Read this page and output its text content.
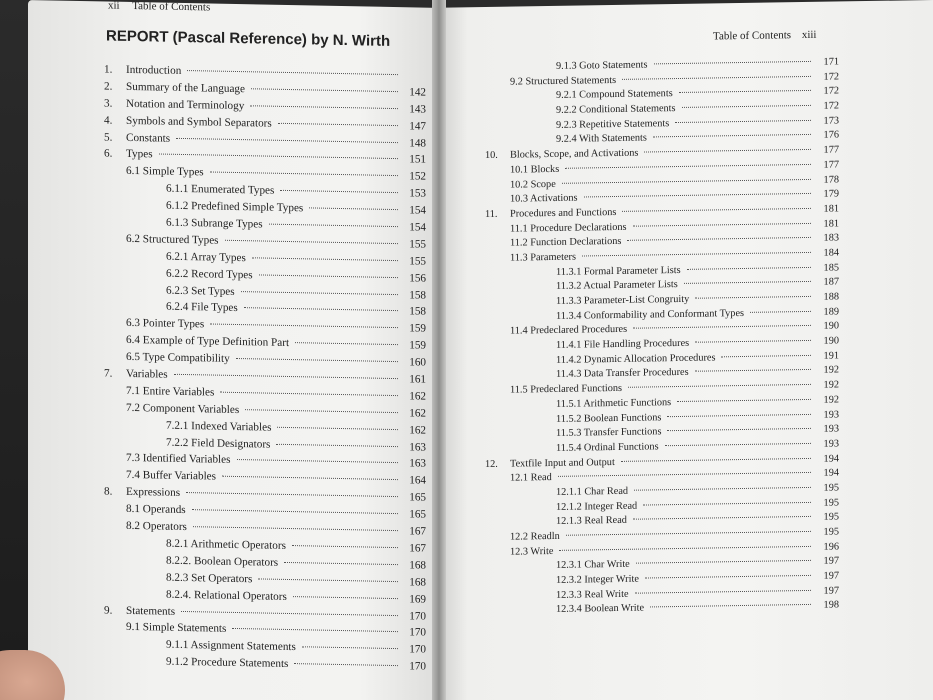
xii Table of Contents
REPORT (Pascal Reference) by N. Wirth
1.	Introduction
2.	Summary of the Language	142
3.	Notation and Terminology	143
4.	Symbols and Symbol Separators	147
5.	Constants	148
6.	Types	151
6.1 Simple Types	152
6.1.1 Enumerated Types	153
6.1.2 Predefined Simple Types	154
6.1.3 Subrange Types	154
6.2 Structured Types	155
6.2.1 Array Types	155
6.2.2 Record Types	156
6.2.3 Set Types	158
6.2.4 File Types	158
6.3 Pointer Types	159
6.4 Example of Type Definition Part	159
6.5 Type Compatibility	160
7.	Variables	161
7.1 Entire Variables	162
7.2 Component Variables	162
7.2.1 Indexed Variables	162
7.2.2 Field Designators	163
7.3 Identified Variables	163
7.4 Buffer Variables	164
8.	Expressions	165
8.1 Operands	165
8.2 Operators	167
8.2.1 Arithmetic Operators	167
8.2.2. Boolean Operators	168
8.2.3 Set Operators	168
8.2.4. Relational Operators	169
9.	Statements	170
9.1 Simple Statements	170
9.1.1 Assignment Statements	170
9.1.2 Procedure Statements	170
Table of Contents xiii
9.1.3 Goto Statements	171
9.2 Structured Statements	172
9.2.1 Compound Statements	172
9.2.2 Conditional Statements	172
9.2.3 Repetitive Statements	173
9.2.4 With Statements	176
10.	Blocks, Scope, and Activations	177
10.1 Blocks	177
10.2 Scope	178
10.3 Activations	179
11.	Procedures and Functions	181
11.1 Procedure Declarations	181
11.2 Function Declarations	183
11.3 Parameters	184
11.3.1 Formal Parameter Lists	185
11.3.2 Actual Parameter Lists	187
11.3.3 Parameter-List Congruity	188
11.3.4 Conformability and Conformant Types	189
11.4 Predeclared Procedures	190
11.4.1 File Handling Procedures	190
11.4.2 Dynamic Allocation Procedures	191
11.4.3 Data Transfer Procedures	192
11.5 Predeclared Functions	192
11.5.1 Arithmetic Functions	192
11.5.2 Boolean Functions	193
11.5.3 Transfer Functions	193
11.5.4 Ordinal Functions	193
12.	Textfile Input and Output	194
12.1 Read	194
12.1.1 Char Read	195
12.1.2 Integer Read	195
12.1.3 Real Read	195
12.2 Readln	195
12.3 Write	196
12.3.1 Char Write	197
12.3.2 Integer Write	197
12.3.3 Real Write	197
12.3.4 Boolean Write	198
